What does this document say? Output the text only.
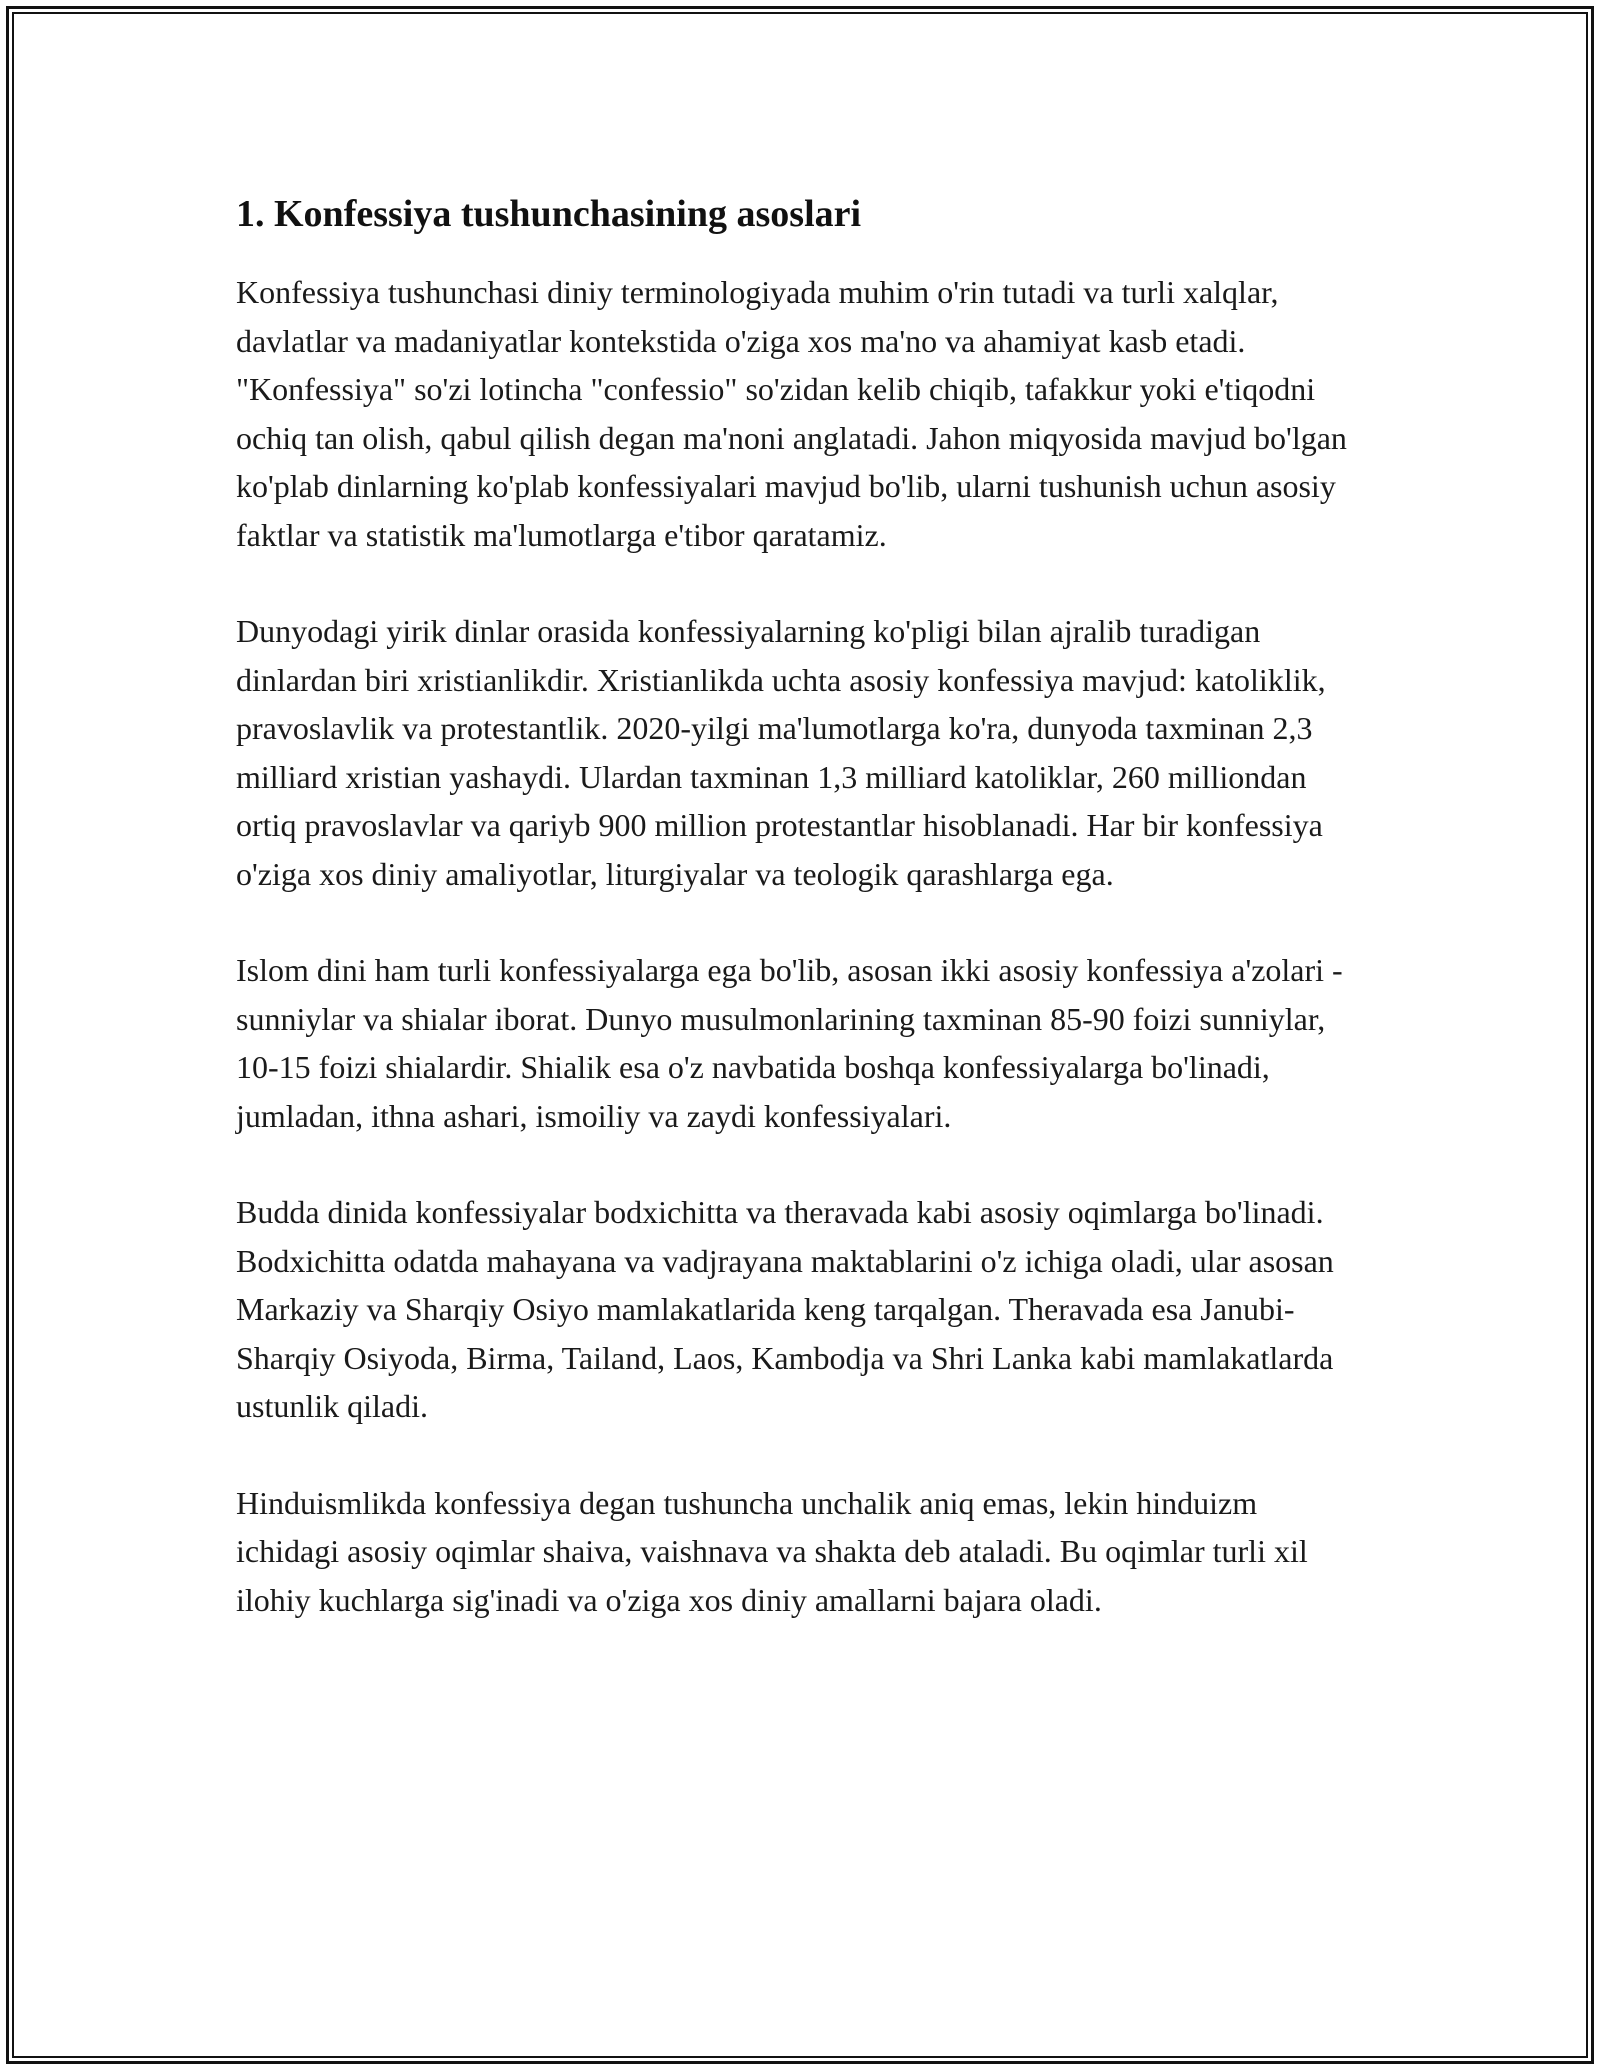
1. Konfessiya tushunchasining asoslari

Konfessiya tushunchasi diniy terminologiyada muhim o'rin tutadi va turli xalqlar, davlatlar va madaniyatlar kontekstida o'ziga xos ma'no va ahamiyat kasb etadi. "Konfessiya" so'zi lotincha "confessio" so'zidan kelib chiqib, tafakkur yoki e'tiqodni ochiq tan olish, qabul qilish degan ma'noni anglatadi. Jahon miqyosida mavjud bo'lgan ko'plab dinlarning ko'plab konfessiyalari mavjud bo'lib, ularni tushunish uchun asosiy faktlar va statistik ma'lumotlarga e'tibor qaratamiz.

Dunyodagi yirik dinlar orasida konfessiyalarning ko'pligi bilan ajralib turadigan dinlardan biri xristianlikdir. Xristianlikda uchta asosiy konfessiya mavjud: katoliklik, pravoslavlik va protestantlik. 2020-yilgi ma'lumotlarga ko'ra, dunyoda taxminan 2,3 milliard xristian yashaydi. Ulardan taxminan 1,3 milliard katoliklar, 260 milliondan ortiq pravoslavlar va qariyb 900 million protestantlar hisoblanadi. Har bir konfessiya o'ziga xos diniy amaliyotlar, liturgiyalar va teologik qarashlarga ega.

Islom dini ham turli konfessiyalarga ega bo'lib, asosan ikki asosiy konfessiya a'zolari - sunniylar va shialar iborat. Dunyo musulmonlarining taxminan 85-90 foizi sunniylar, 10-15 foizi shialardir. Shialik esa o'z navbatida boshqa konfessiyalarga bo'linadi, jumladan, ithna ashari, ismoiliy va zaydi konfessiyalari.

Budda dinida konfessiyalar bodxichitta va theravada kabi asosiy oqimlarga bo'linadi. Bodxichitta odatda mahayana va vadjrayana maktablarini o'z ichiga oladi, ular asosan Markaziy va Sharqiy Osiyo mamlakatlarida keng tarqalgan. Theravada esa Janubi-Sharqiy Osiyoda, Birma, Tailand, Laos, Kambodja va Shri Lanka kabi mamlakatlarda ustunlik qiladi.

Hinduismlikda konfessiya degan tushuncha unchalik aniq emas, lekin hinduizm ichidagi asosiy oqimlar shaiva, vaishnava va shakta deb ataladi. Bu oqimlar turli xil ilohiy kuchlarga sig'inadi va o'ziga xos diniy amallarni bajara oladi.
